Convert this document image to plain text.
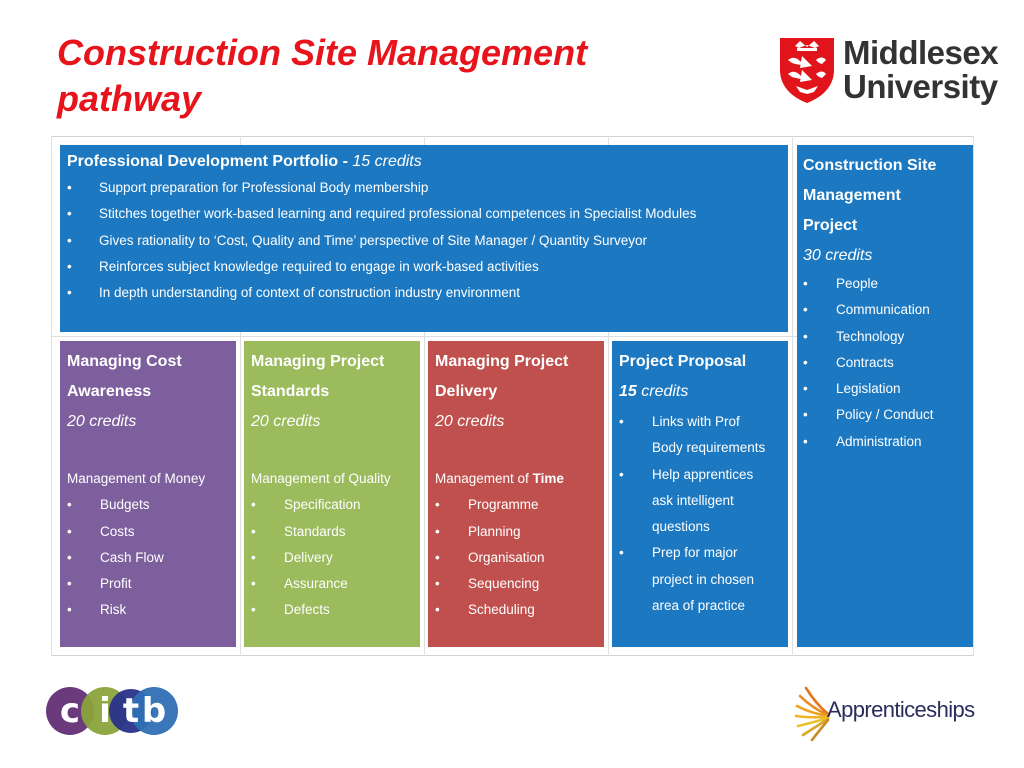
Construction Site Management
pathway
Middlesex
University
Professional Development Portfolio - 15 credits
• Support preparation for Professional Body membership
• Stitches together work-based learning and required professional competences in Specialist Modules
• Gives rationality to ‘Cost, Quality and Time’ perspective of Site Manager / Quantity Surveyor
• Reinforces subject knowledge required to engage in work-based activities
• In depth understanding of context of construction industry environment
Managing Cost
Awareness
20 credits
Management of Money
• Budgets
• Costs
• Cash Flow
• Profit
• Risk
Managing Project
Standards
20 credits
Management of Quality
• Specification
• Standards
• Delivery
• Assurance
• Defects
Managing Project
Delivery
20 credits
Management of Time
• Programme
• Planning
• Organisation
• Sequencing
• Scheduling
Project Proposal
15 credits
• Links with Prof
Body requirements
• Help apprentices
ask intelligent
questions
• Prep for major
project in chosen
area of practice
Construction Site
Management
Project
30 credits
• People
• Communication
• Technology
• Contracts
• Legislation
• Policy / Conduct
• Administration
c i t b	Apprenticeships
